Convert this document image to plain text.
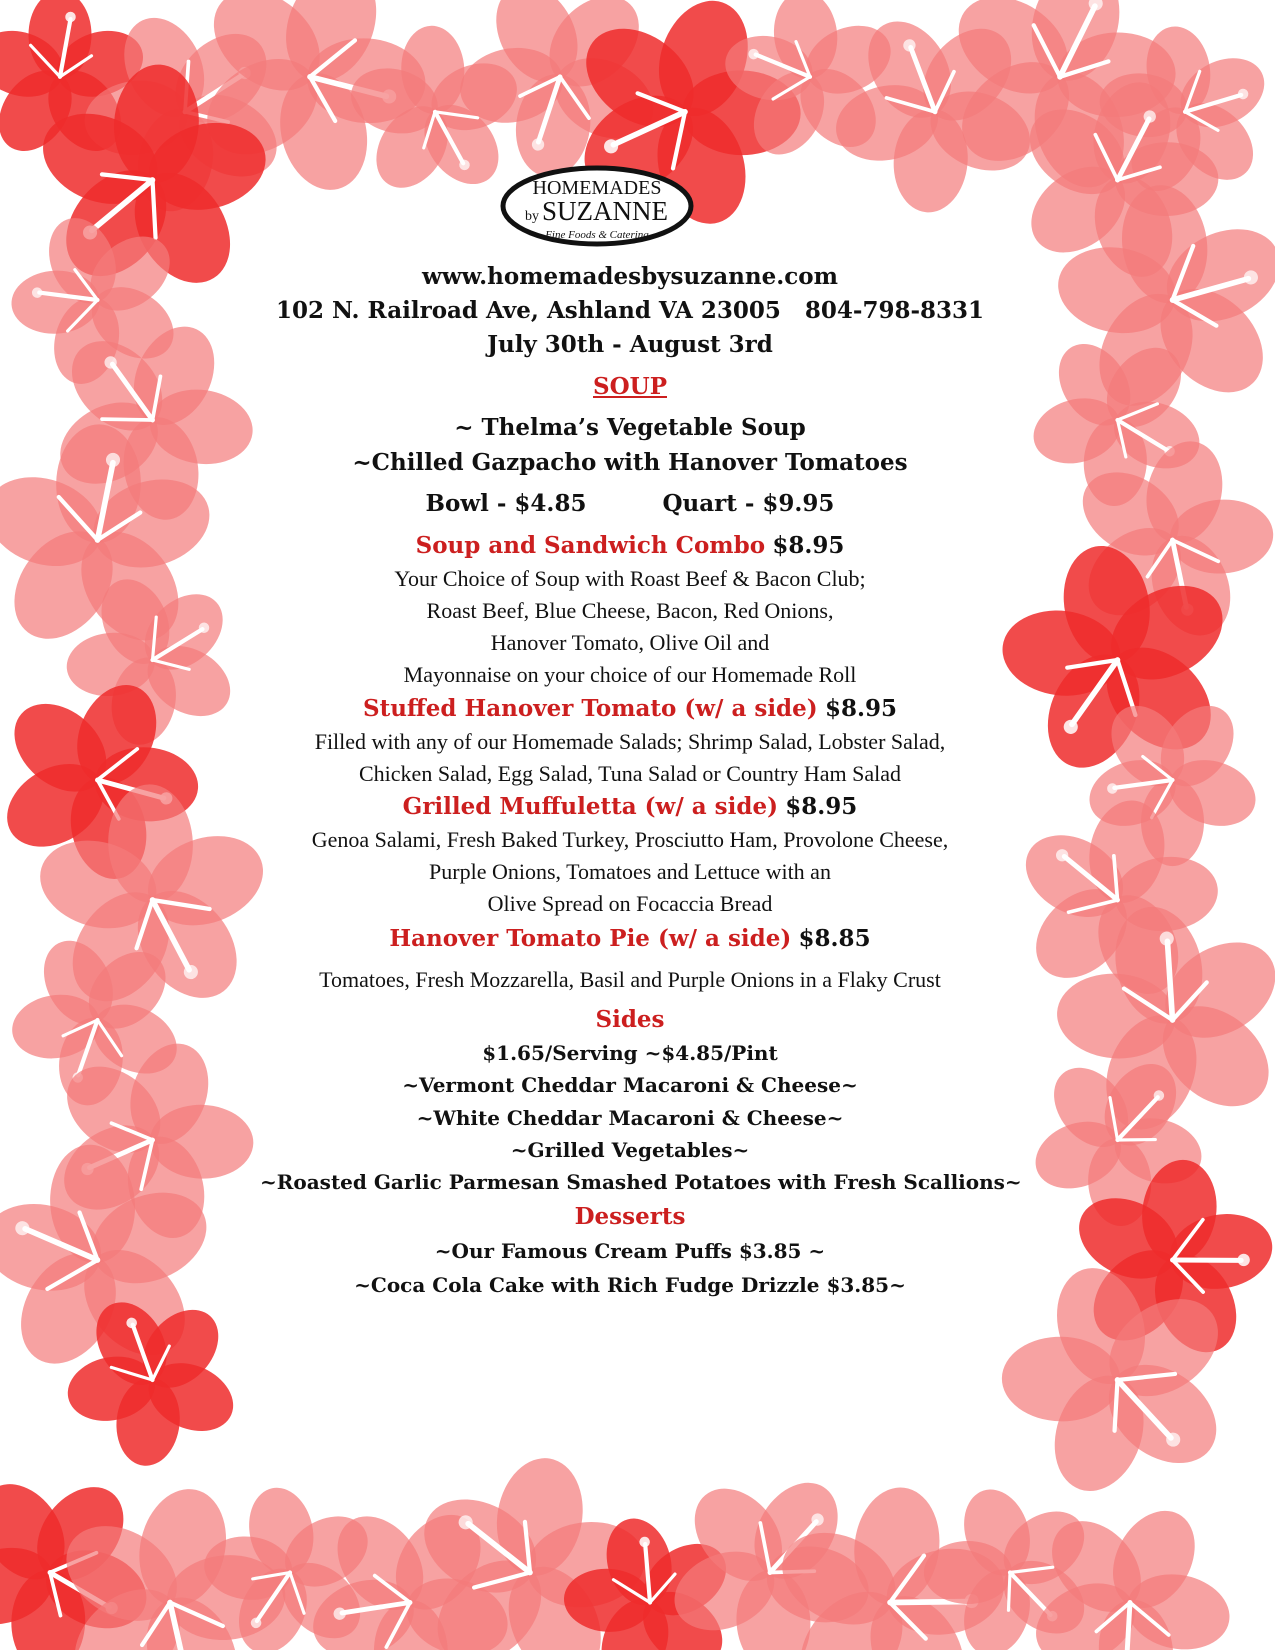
HOMEMADES
by SUZANNE
Fine Foods & Catering
www.homemadesbysuzanne.com
102 N. Railroad Ave, Ashland VA 23005 804-798-8331
July 30th - August 3rd
SOUP
~ Thelma’s Vegetable Soup
~Chilled Gazpacho with Hanover Tomatoes
Bowl - $4.85	Quart - $9.95
Soup and Sandwich Combo $8.95
Your Choice of Soup with Roast Beef & Bacon Club;
Roast Beef, Blue Cheese, Bacon, Red Onions,
Hanover Tomato, Olive Oil and
Mayonnaise on your choice of our Homemade Roll
Stuffed Hanover Tomato (w/ a side) $8.95
Filled with any of our Homemade Salads; Shrimp Salad, Lobster Salad,
Chicken Salad, Egg Salad, Tuna Salad or Country Ham Salad
Grilled Muffuletta (w/ a side) $8.95
Genoa Salami, Fresh Baked Turkey, Prosciutto Ham, Provolone Cheese,
Purple Onions, Tomatoes and Lettuce with an
Olive Spread on Focaccia Bread
Hanover Tomato Pie (w/ a side) $8.85
Tomatoes, Fresh Mozzarella, Basil and Purple Onions in a Flaky Crust
Sides
$1.65/Serving ~$4.85/Pint
~Vermont Cheddar Macaroni & Cheese~
~White Cheddar Macaroni & Cheese~
~Grilled Vegetables~
~Roasted Garlic Parmesan Smashed Potatoes with Fresh Scallions~
Desserts
~Our Famous Cream Puffs $3.85 ~
~Coca Cola Cake with Rich Fudge Drizzle $3.85~
